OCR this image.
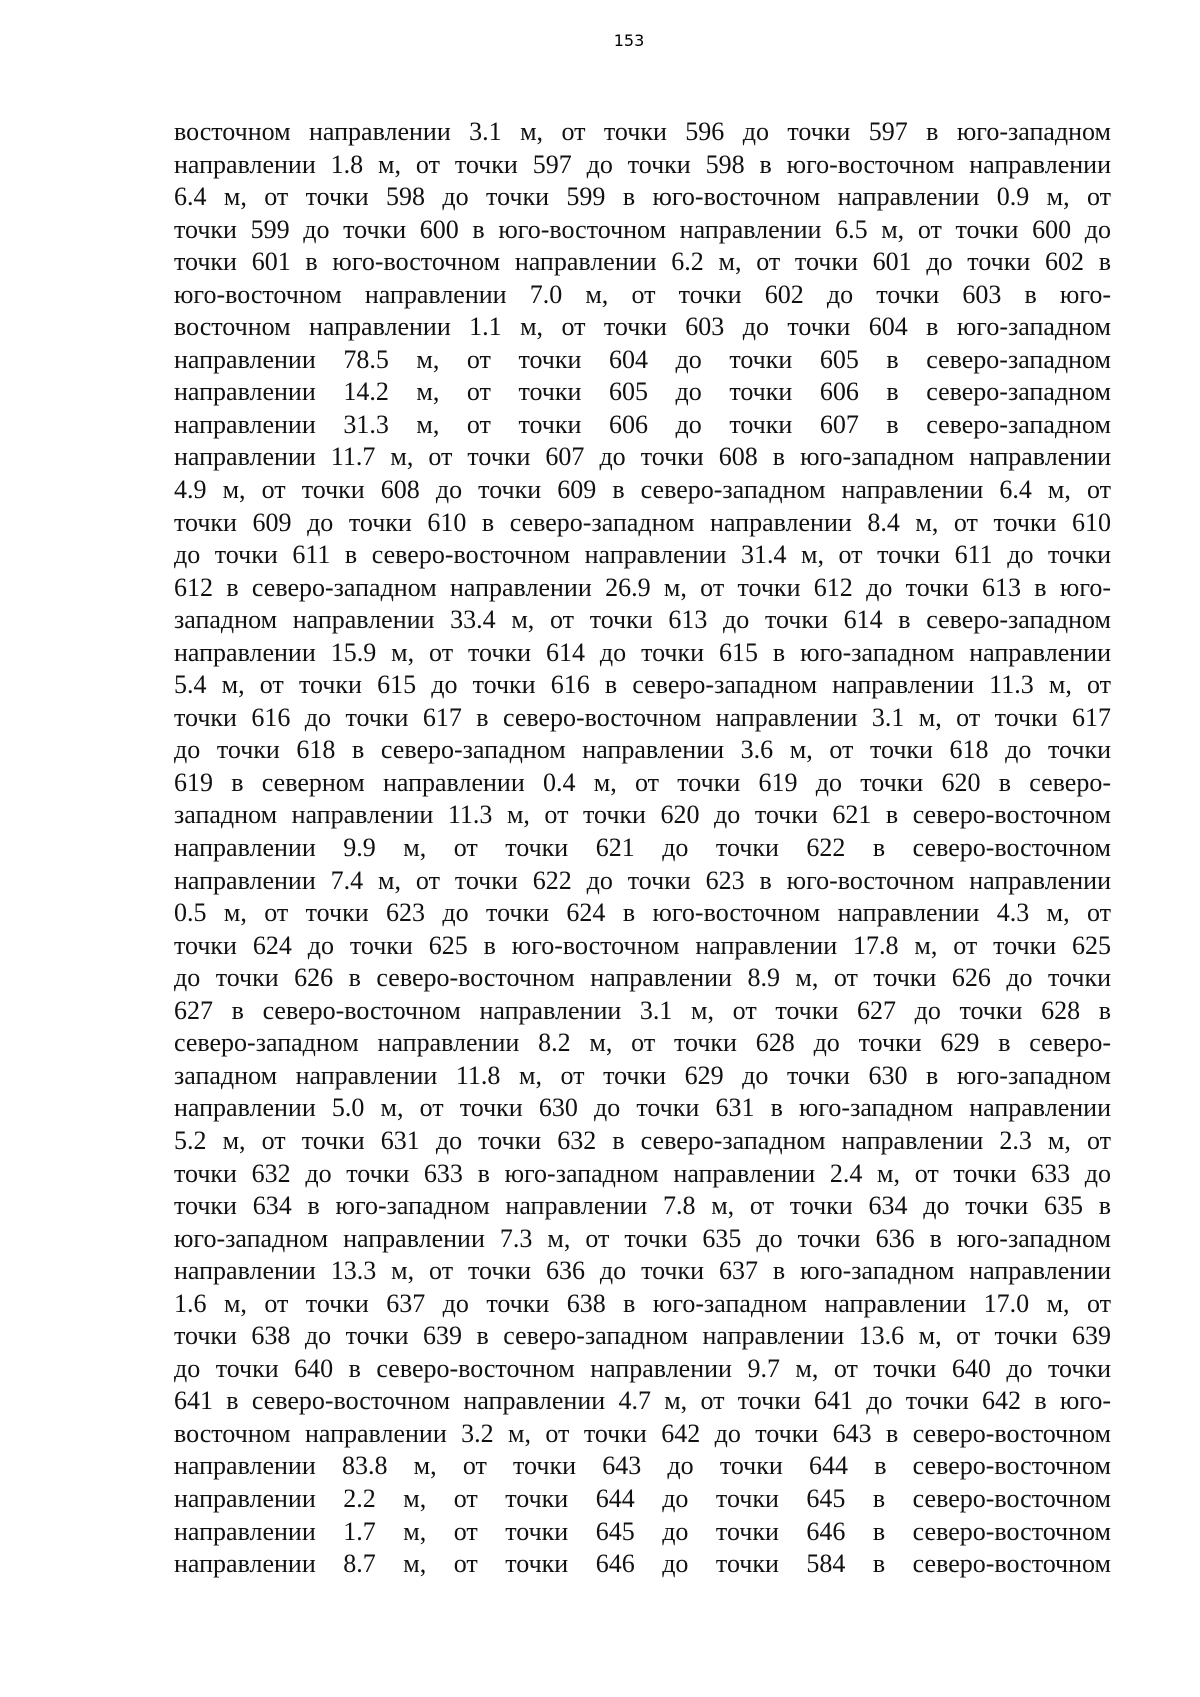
153
восточном направлении 3.1 м, от точки 596 до точки 597 в юго-западном
направлении 1.8 м, от точки 597 до точки 598 в юго-восточном направлении
6.4 м, от точки 598 до точки 599 в юго-восточном направлении 0.9 м, от
точки 599 до точки 600 в юго-восточном направлении 6.5 м, от точки 600 до
точки 601 в юго-восточном направлении 6.2 м, от точки 601 до точки 602 в
юго-восточном направлении 7.0 м, от точки 602 до точки 603 в юго-
восточном направлении 1.1 м, от точки 603 до точки 604 в юго-западном
направлении 78.5 м, от точки 604 до точки 605 в северо-западном
направлении 14.2 м, от точки 605 до точки 606 в северо-западном
направлении 31.3 м, от точки 606 до точки 607 в северо-западном
направлении 11.7 м, от точки 607 до точки 608 в юго-западном направлении
4.9 м, от точки 608 до точки 609 в северо-западном направлении 6.4 м, от
точки 609 до точки 610 в северо-западном направлении 8.4 м, от точки 610
до точки 611 в северо-восточном направлении 31.4 м, от точки 611 до точки
612 в северо-западном направлении 26.9 м, от точки 612 до точки 613 в юго-
западном направлении 33.4 м, от точки 613 до точки 614 в северо-западном
направлении 15.9 м, от точки 614 до точки 615 в юго-западном направлении
5.4 м, от точки 615 до точки 616 в северо-западном направлении 11.3 м, от
точки 616 до точки 617 в северо-восточном направлении 3.1 м, от точки 617
до точки 618 в северо-западном направлении 3.6 м, от точки 618 до точки
619 в северном направлении 0.4 м, от точки 619 до точки 620 в северо-
западном направлении 11.3 м, от точки 620 до точки 621 в северо-восточном
направлении 9.9 м, от точки 621 до точки 622 в северо-восточном
направлении 7.4 м, от точки 622 до точки 623 в юго-восточном направлении
0.5 м, от точки 623 до точки 624 в юго-восточном направлении 4.3 м, от
точки 624 до точки 625 в юго-восточном направлении 17.8 м, от точки 625
до точки 626 в северо-восточном направлении 8.9 м, от точки 626 до точки
627 в северо-восточном направлении 3.1 м, от точки 627 до точки 628 в
северо-западном направлении 8.2 м, от точки 628 до точки 629 в северо-
западном направлении 11.8 м, от точки 629 до точки 630 в юго-западном
направлении 5.0 м, от точки 630 до точки 631 в юго-западном направлении
5.2 м, от точки 631 до точки 632 в северо-западном направлении 2.3 м, от
точки 632 до точки 633 в юго-западном направлении 2.4 м, от точки 633 до
точки 634 в юго-западном направлении 7.8 м, от точки 634 до точки 635 в
юго-западном направлении 7.3 м, от точки 635 до точки 636 в юго-западном
направлении 13.3 м, от точки 636 до точки 637 в юго-западном направлении
1.6 м, от точки 637 до точки 638 в юго-западном направлении 17.0 м, от
точки 638 до точки 639 в северо-западном направлении 13.6 м, от точки 639
до точки 640 в северо-восточном направлении 9.7 м, от точки 640 до точки
641 в северо-восточном направлении 4.7 м, от точки 641 до точки 642 в юго-
восточном направлении 3.2 м, от точки 642 до точки 643 в северо-восточном
направлении 83.8 м, от точки 643 до точки 644 в северо-восточном
направлении 2.2 м, от точки 644 до точки 645 в северо-восточном
направлении 1.7 м, от точки 645 до точки 646 в северо-восточном
направлении 8.7 м, от точки 646 до точки 584 в северо-восточном
